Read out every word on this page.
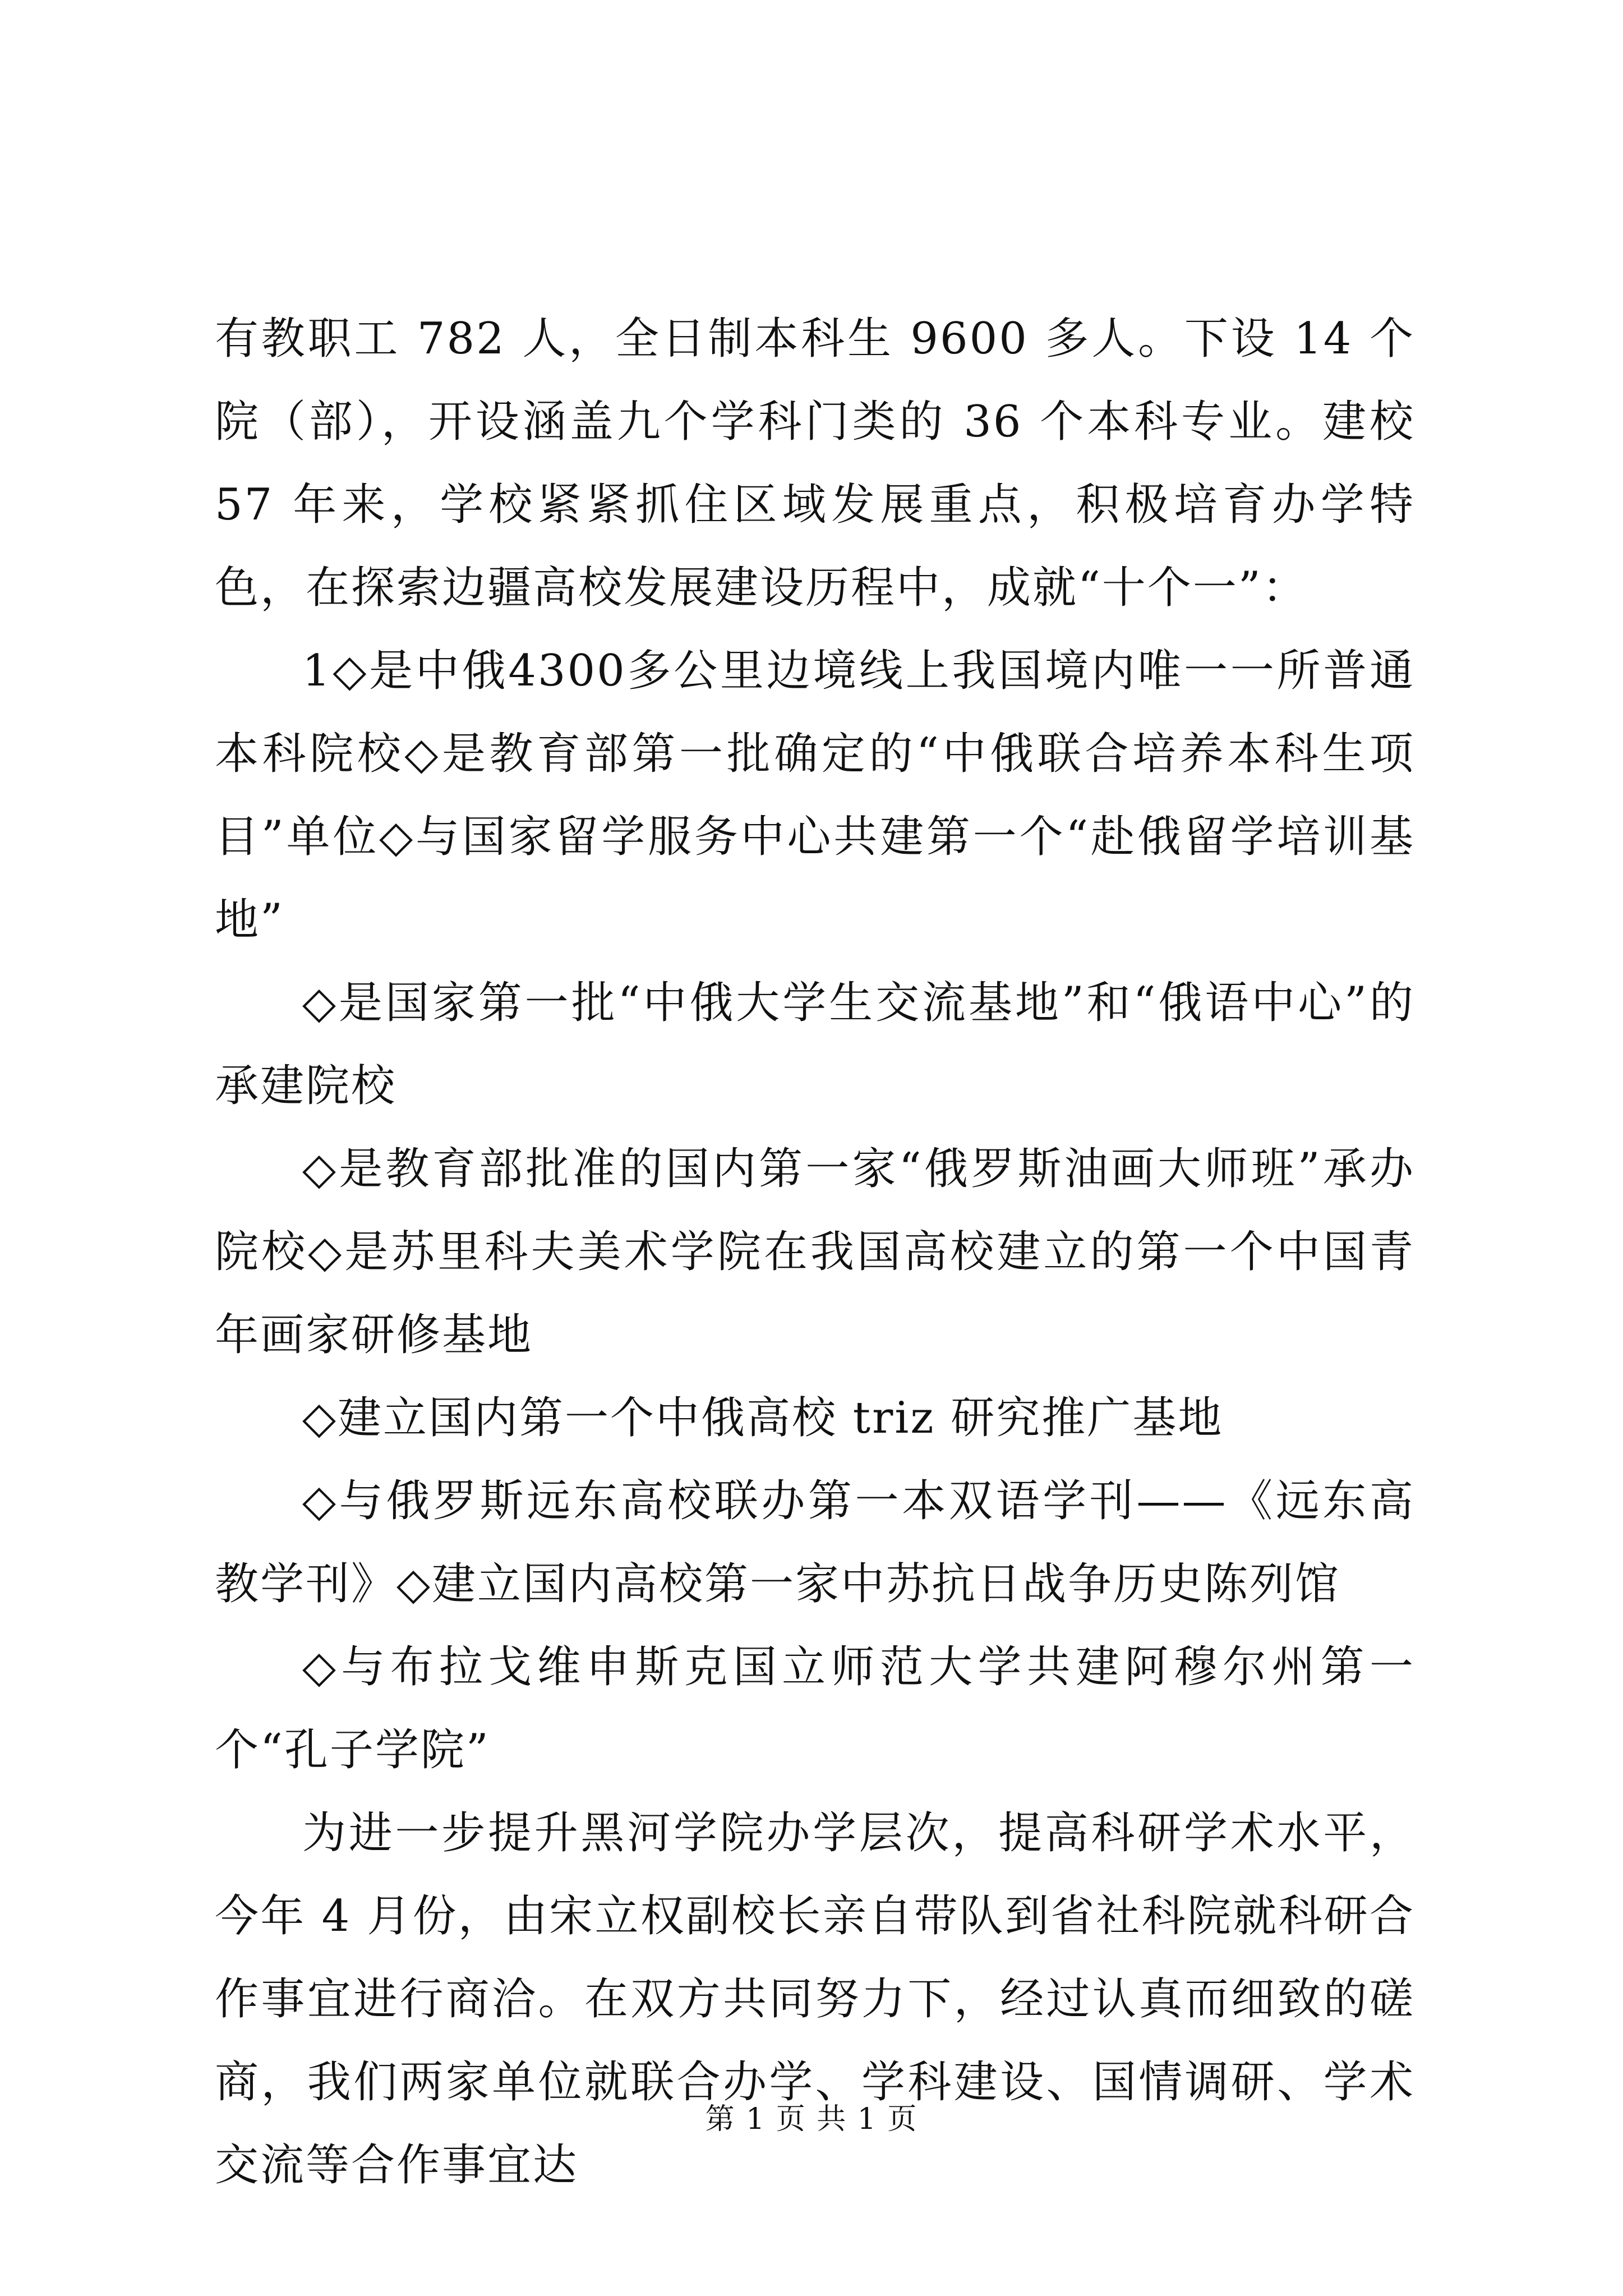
有教职工 782 人，全日制本科生 9600 多人。下设 14 个院（部），开设涵盖九个学科门类的 36 个本科专业。建校 57 年来，学校紧紧抓住区域发展重点，积极培育办学特色，在探索边疆高校发展建设历程中，成就“十个一”：

1◇是中俄4300多公里边境线上我国境内唯一一所普通本科院校◇是教育部第一批确定的“中俄联合培养本科生项目”单位◇与国家留学服务中心共建第一个“赴俄留学培训基地”

◇是国家第一批“中俄大学生交流基地”和“俄语中心”的承建院校

◇是教育部批准的国内第一家“俄罗斯油画大师班”承办院校◇是苏里科夫美术学院在我国高校建立的第一个中国青年画家研修基地

◇建立国内第一个中俄高校 triz 研究推广基地

◇与俄罗斯远东高校联办第一本双语学刊——《远东高教学刊》◇建立国内高校第一家中苏抗日战争历史陈列馆

◇与布拉戈维申斯克国立师范大学共建阿穆尔州第一个“孔子学院”

为进一步提升黑河学院办学层次，提高科研学术水平，今年 4 月份，由宋立权副校长亲自带队到省社科院就科研合作事宜进行商洽。在双方共同努力下，经过认真而细致的磋商，我们两家单位就联合办学、学科建设、国情调研、学术交流等合作事宜达

第 1 页 共 1 页
